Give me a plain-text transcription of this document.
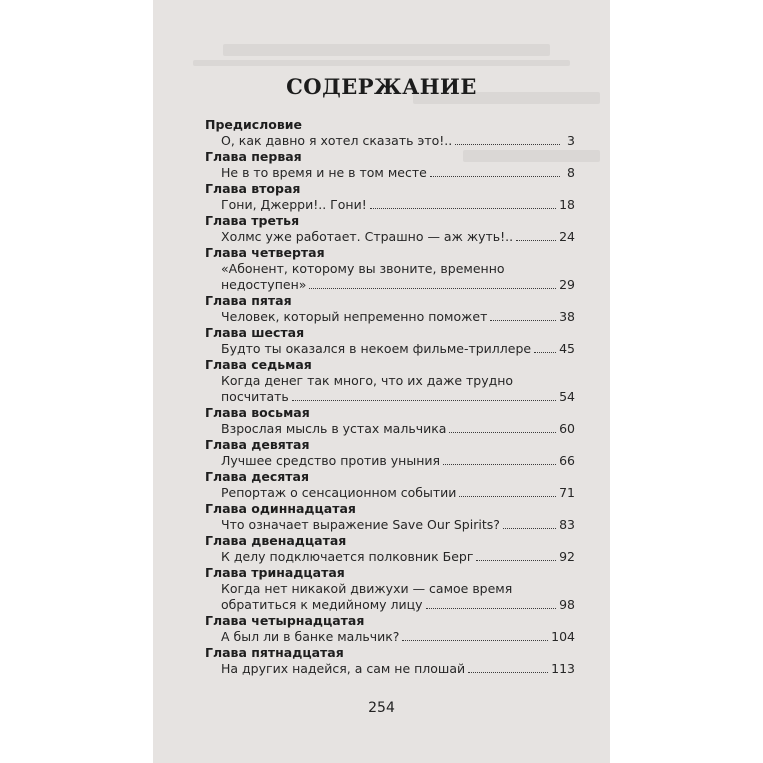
СОДЕРЖАНИЕ
Предисловие
О, как давно я хотел сказать это!..	3
Глава первая
Не в то время и не в том месте	8
Глава вторая
Гони, Джерри!.. Гони!	18
Глава третья
Холмс уже работает. Страшно — аж жуть!..	24
Глава четвертая
«Абонент, которому вы звоните, временно
недоступен»	29
Глава пятая
Человек, который непременно поможет	38
Глава шестая
Будто ты оказался в некоем фильме-триллере 45
Глава седьмая
Когда денег так много, что их даже трудно
посчитать	54
Глава восьмая
Взрослая мысль в устах мальчика	60
Глава девятая
Лучшее средство против уныния	66
Глава десятая
Репортаж о сенсационном событии	71
Глава одиннадцатая
Что означает выражение Save Our Spirits?	83
Глава двенадцатая
К делу подключается полковник Берг	92
Глава тринадцатая
Когда нет никакой движухи — самое время
обратиться к медийному лицу	98
Глава четырнадцатая
А был ли в банке мальчик?	104
Глава пятнадцатая
На других надейся, а сам не плошай	113
254
